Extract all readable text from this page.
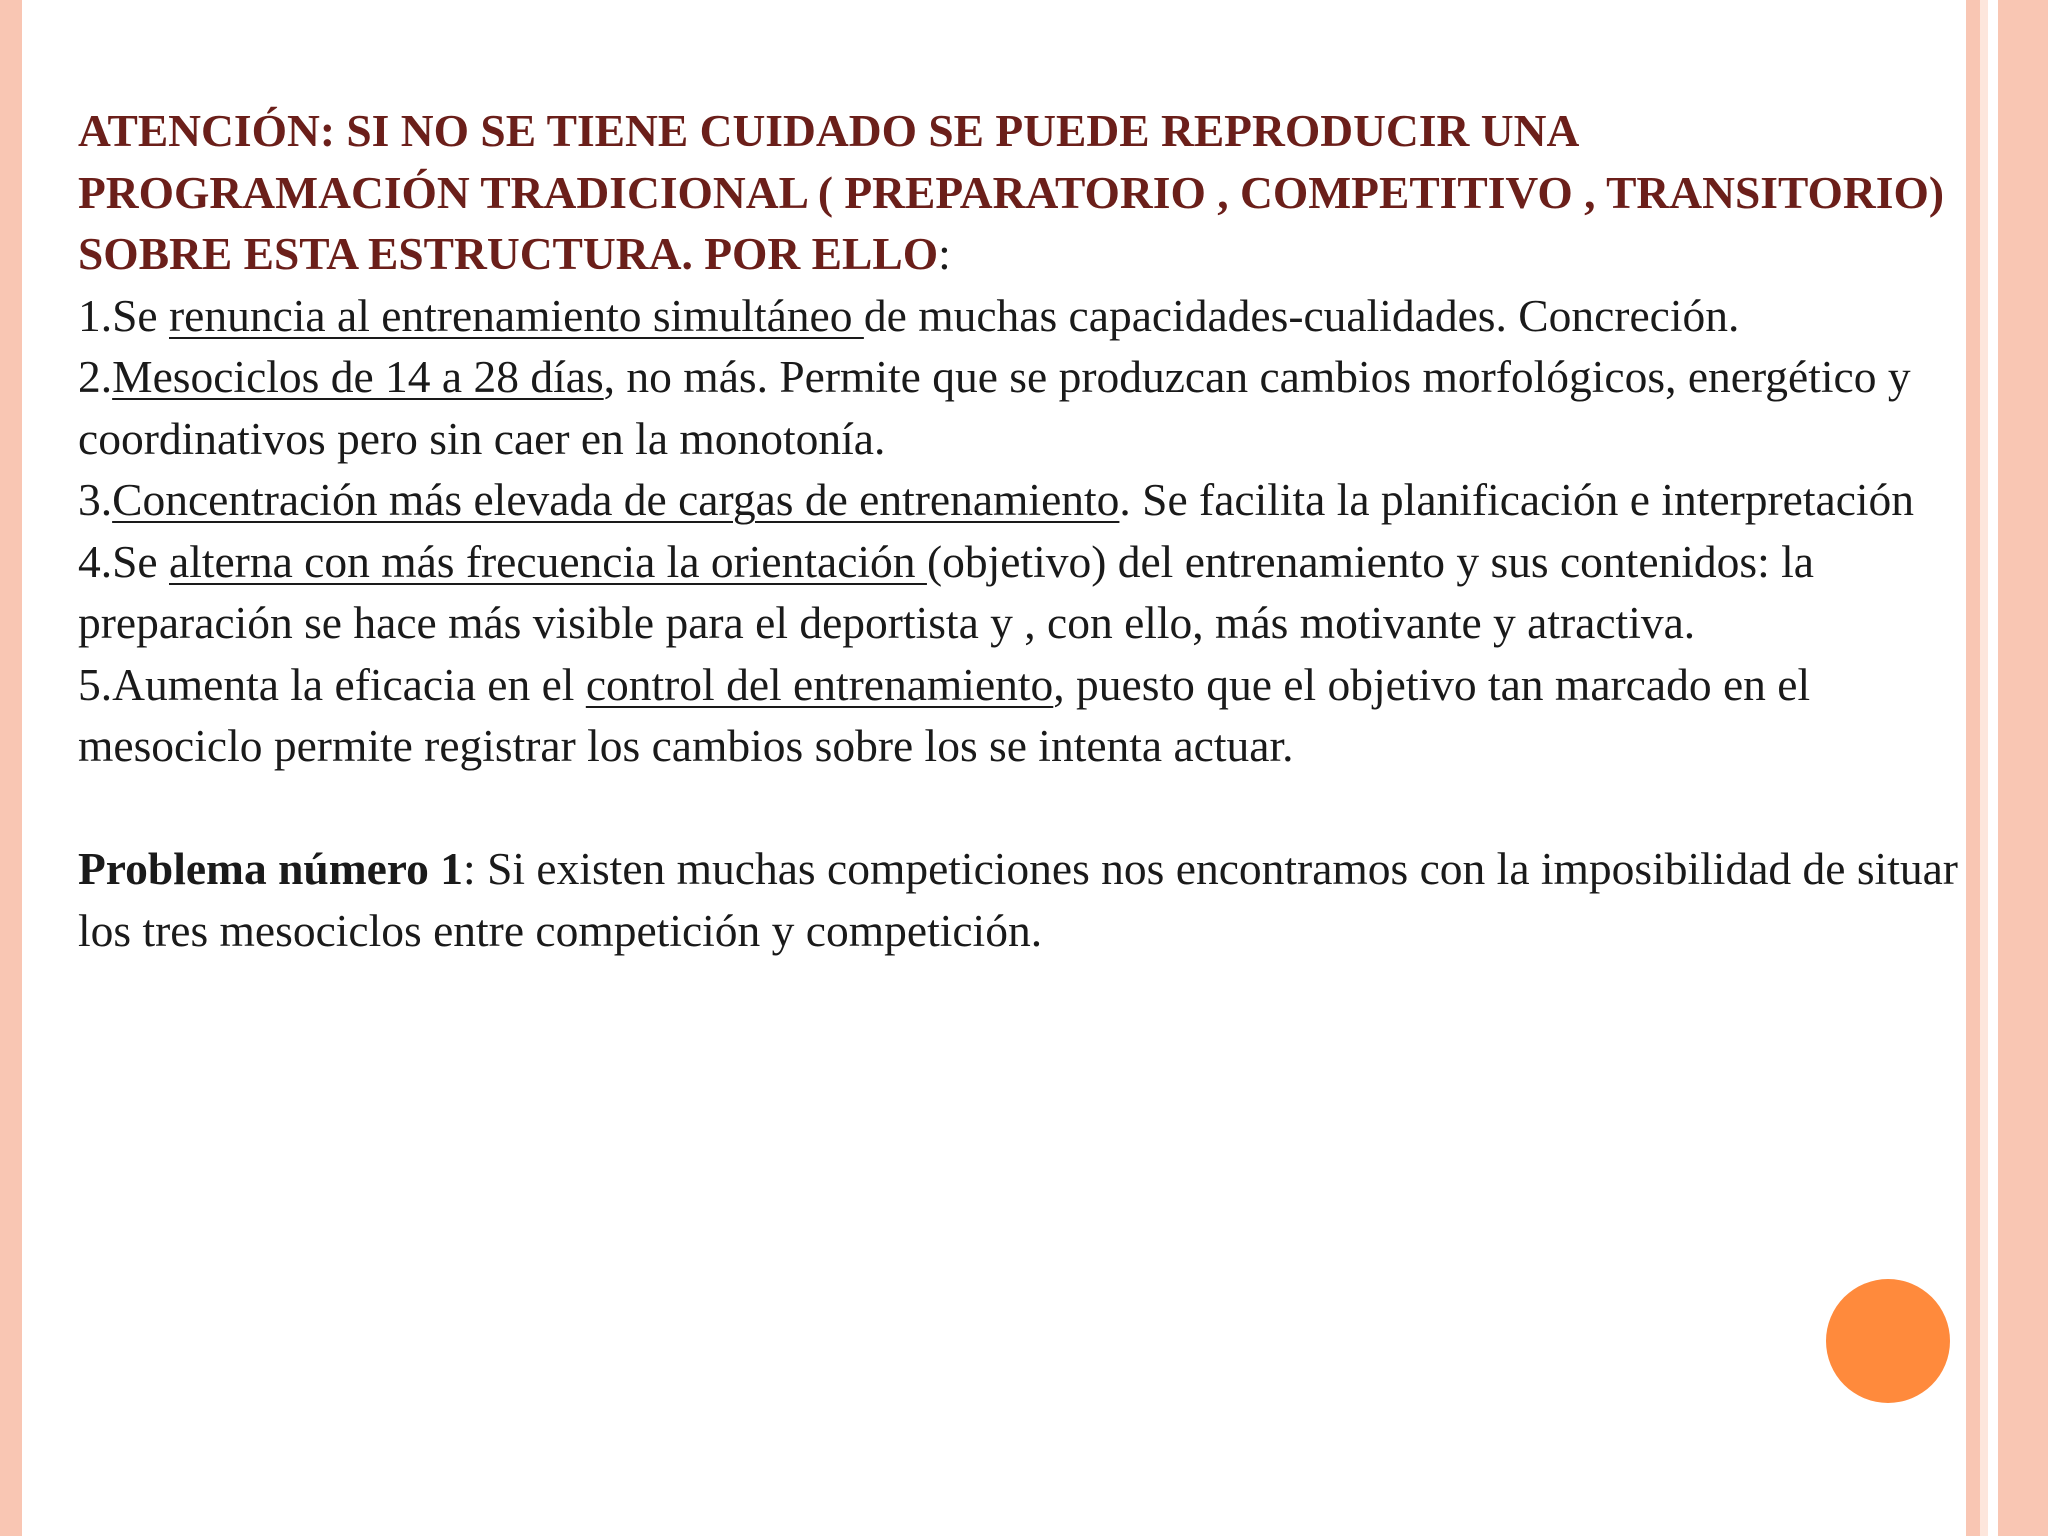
ATENCIÓN: SI NO SE TIENE CUIDADO SE PUEDE REPRODUCIR UNA PROGRAMACIÓN TRADICIONAL ( PREPARATORIO , COMPETITIVO , TRANSITORIO) SOBRE ESTA ESTRUCTURA. POR ELLO:

1.Se renuncia al entrenamiento simultáneo de muchas capacidades-cualidades. Concreción.

2.Mesociclos de 14 a 28 días, no más. Permite que se produzcan cambios morfológicos, energético y coordinativos pero sin caer en la monotonía.

3.Concentración más elevada de cargas de entrenamiento. Se facilita la planificación e interpretación

4.Se alterna con más frecuencia la orientación (objetivo) del entrenamiento y sus contenidos: la preparación se hace más visible para el deportista y , con ello, más motivante y atractiva.

5.Aumenta la eficacia en el control del entrenamiento, puesto que el objetivo tan marcado en el mesociclo permite registrar los cambios sobre los se intenta actuar.

Problema número 1: Si existen muchas competiciones nos encontramos con la imposibilidad de situar los tres mesociclos entre competición y competición.
